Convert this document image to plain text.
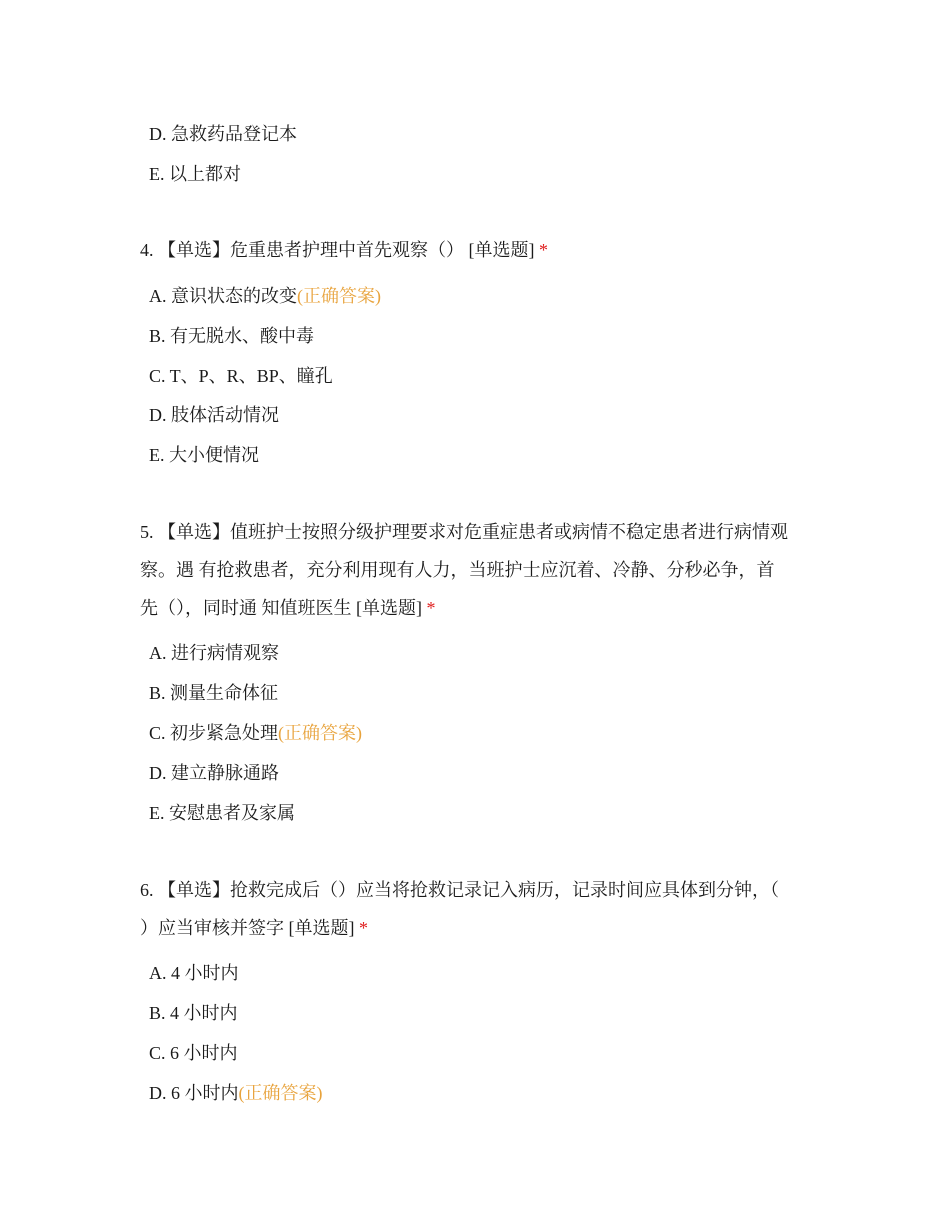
D. 急救药品登记本
E. 以上都对
4. 【单选】危重患者护理中首先观察（） [单选题] *
A. 意识状态的改变(正确答案)
B. 有无脱水、酸中毒
C. T、P、R、BP、瞳孔
D. 肢体活动情况
E. 大小便情况
5. 【单选】值班护士按照分级护理要求对危重症患者或病情不稳定患者进行病情观
察。遇 有抢救患者，充分利用现有人力，当班护士应沉着、冷静、分秒必争，首
先（），同时通 知值班医生 [单选题] *
A. 进行病情观察
B. 测量生命体征
C. 初步紧急处理(正确答案)
D. 建立静脉通路
E. 安慰患者及家属
6. 【单选】抢救完成后（）应当将抢救记录记入病历，记录时间应具体到分钟，（
）应当审核并签字 [单选题] *
A. 4 小时内
B. 4 小时内
C. 6 小时内
D. 6 小时内(正确答案)
